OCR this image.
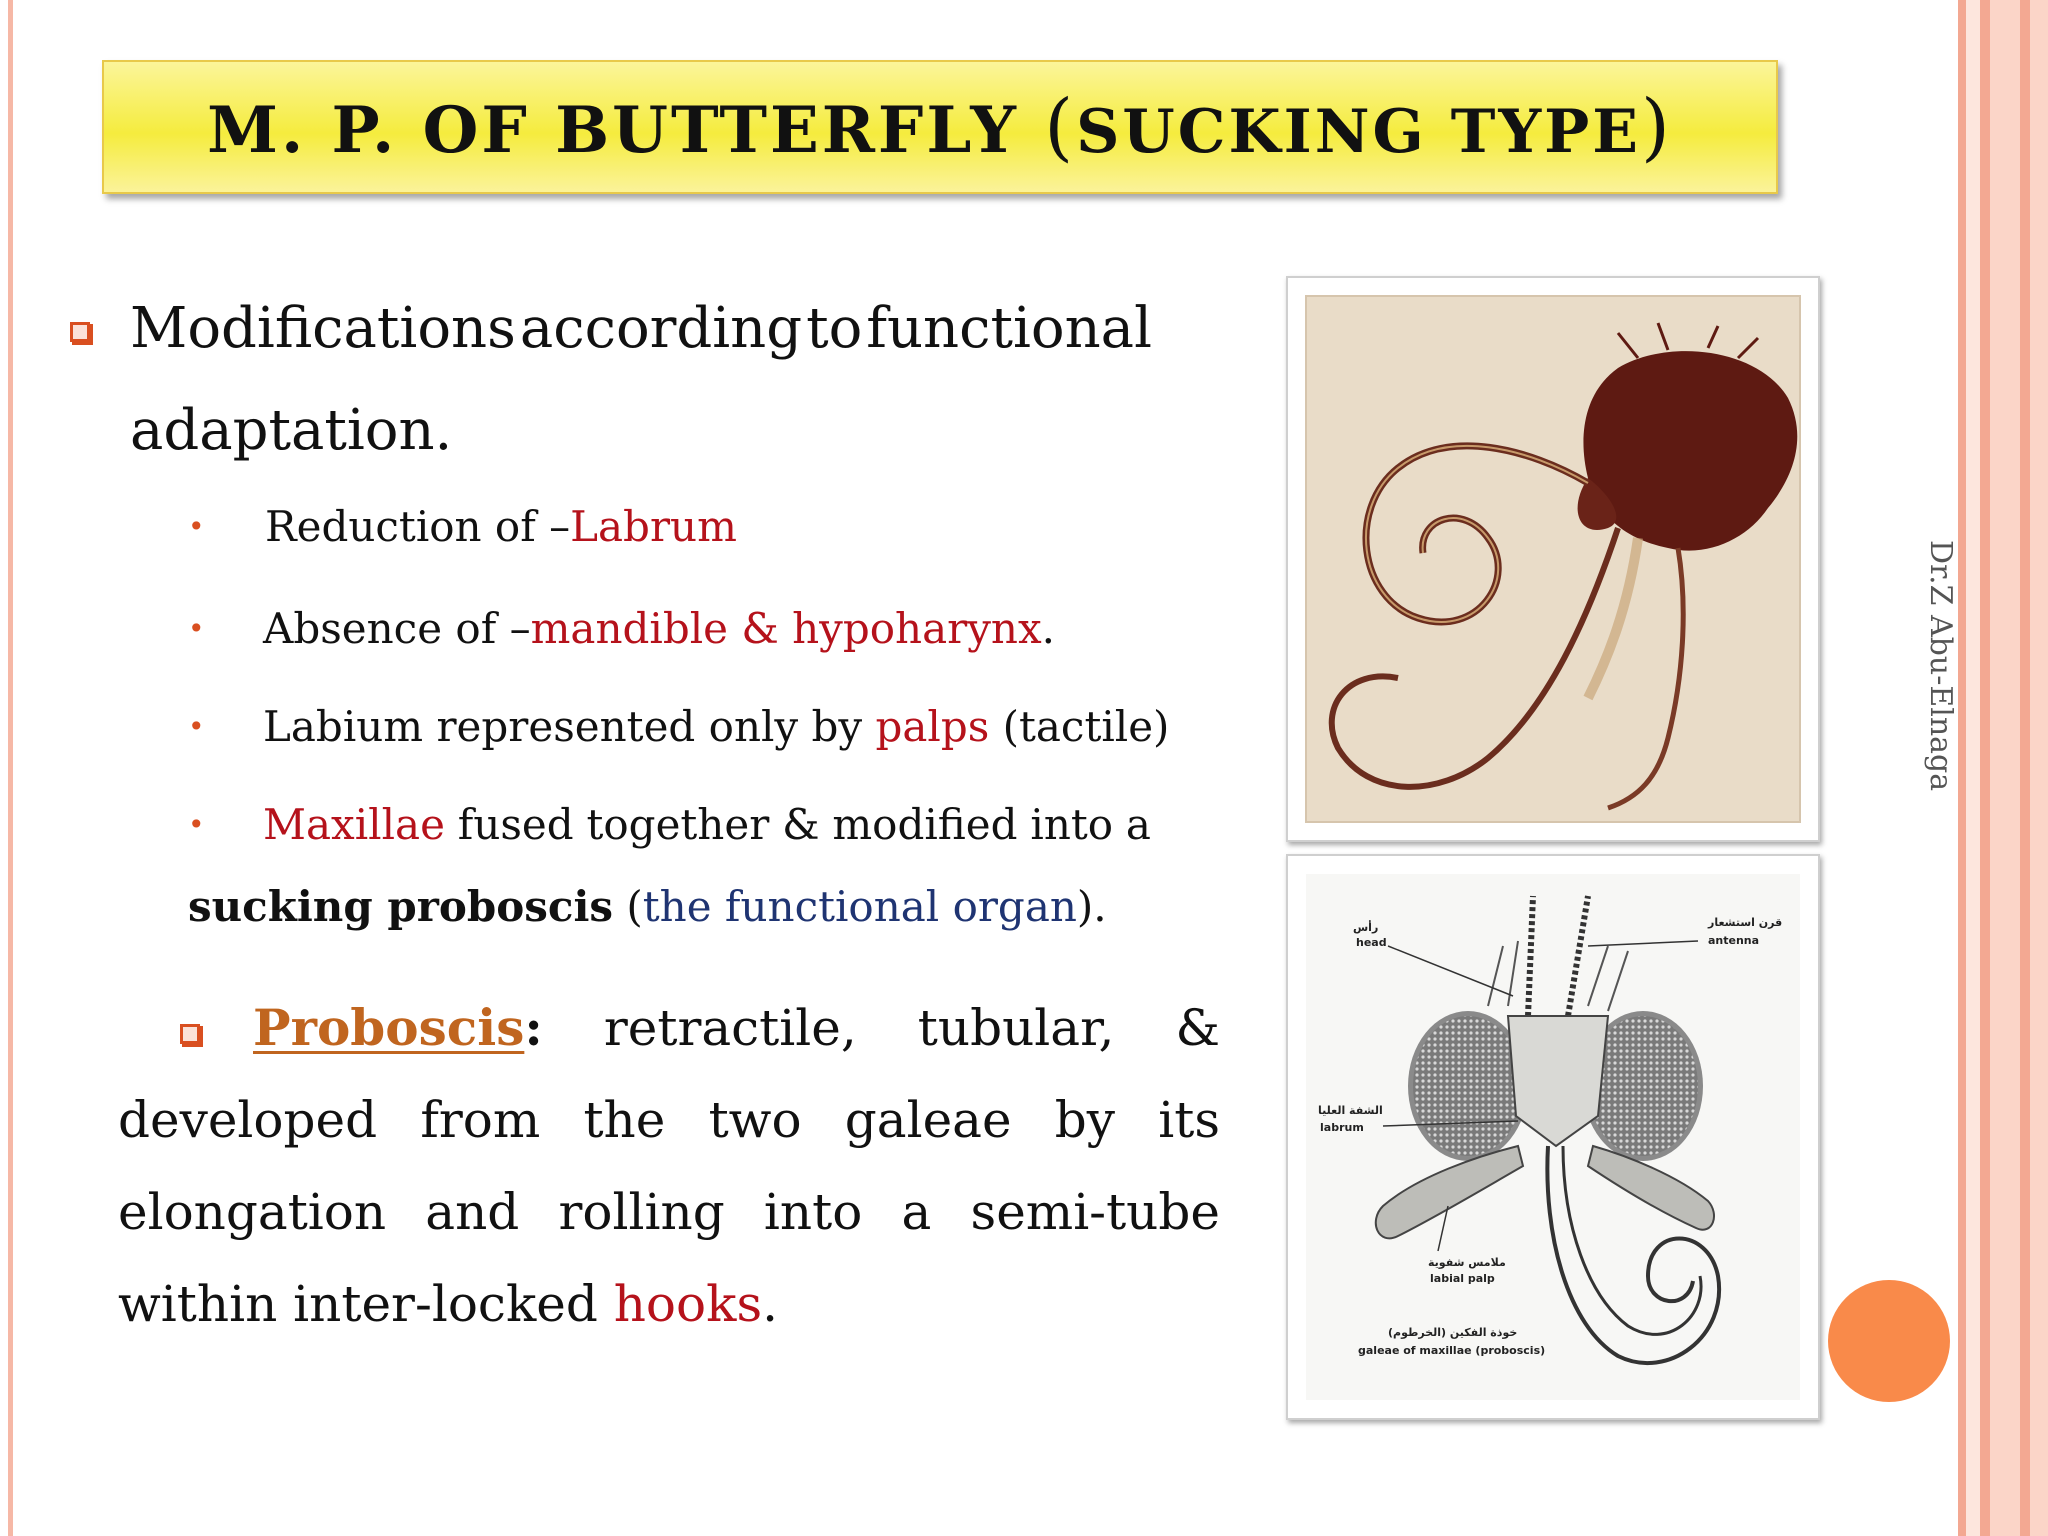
M. P. OF BUTTERFLY (SUCKING TYPE)
Modifications according to functional
adaptation.
• Reduction of –Labrum
• Absence of –mandible & hypoharynx.
• Labium represented only by palps (tactile)
• Maxillae fused together & modified into a
sucking proboscis (the functional organ).
Proboscis: retractile, tubular, &
developed from the two galeae by its
elongation and rolling into a semi-tube
within inter-locked hooks.
Dr.Z Abu-Elnaga
رأس
head
قرن استشعار
antenna
الشفة العليا
labrum
ملامس شفوية
labial palp
خوذة الفكين (الخرطوم)
galeae of maxillae (proboscis)
